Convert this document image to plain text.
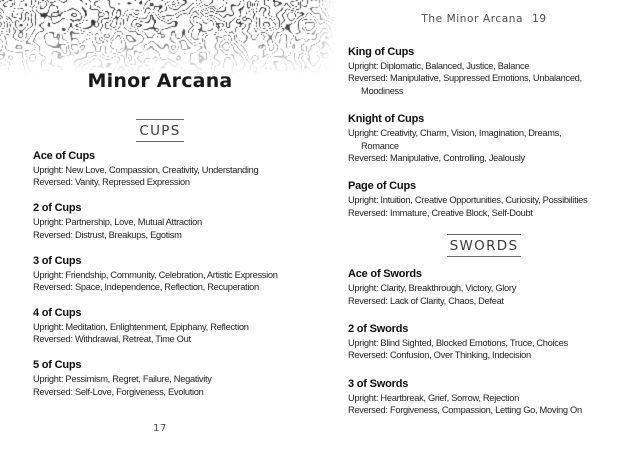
Minor Arcana
CUPS
Ace of Cups
Upright: New Love, Compassion, Creativity, Understanding
Reversed: Vanity, Repressed Expression
2 of Cups
Upright: Partnership, Love, Mutual Attraction
Reversed: Distrust, Breakups, Egotism
3 of Cups
Upright: Friendship, Community, Celebration, Artistic Expression
Reversed: Space, Independence, Reflection, Recuperation
4 of Cups
Upright: Meditation, Enlightenment, Epiphany, Reflection
Reversed: Withdrawal, Retreat, Time Out
5 of Cups
Upright: Pessimism, Regret, Failure, Negativity
Reversed: Self-Love, Forgiveness, Evolution
17
The Minor Arcana 19
King of Cups
Upright: Diplomatic, Balanced, Justice, Balance
Reversed: Manipulative, Suppressed Emotions, Unbalanced,
Moodiness
Knight of Cups
Upright: Creativity, Charm, Vision, Imagination, Dreams,
Romance
Reversed: Manipulative, Controlling, Jealously
Page of Cups
Upright: Intuition, Creative Opportunities, Curiosity, Possibilities
Reversed: Immature, Creative Block, Self-Doubt
SWORDS
Ace of Swords
Upright: Clarity, Breakthrough, Victory, Glory
Reversed: Lack of Clarity, Chaos, Defeat
2 of Swords
Upright: Blind Sighted, Blocked Emotions, Truce, Choices
Reversed: Confusion, Over Thinking, Indecision
3 of Swords
Upright: Heartbreak, Grief, Sorrow, Rejection
Reversed: Forgiveness, Compassion, Letting Go, Moving On
